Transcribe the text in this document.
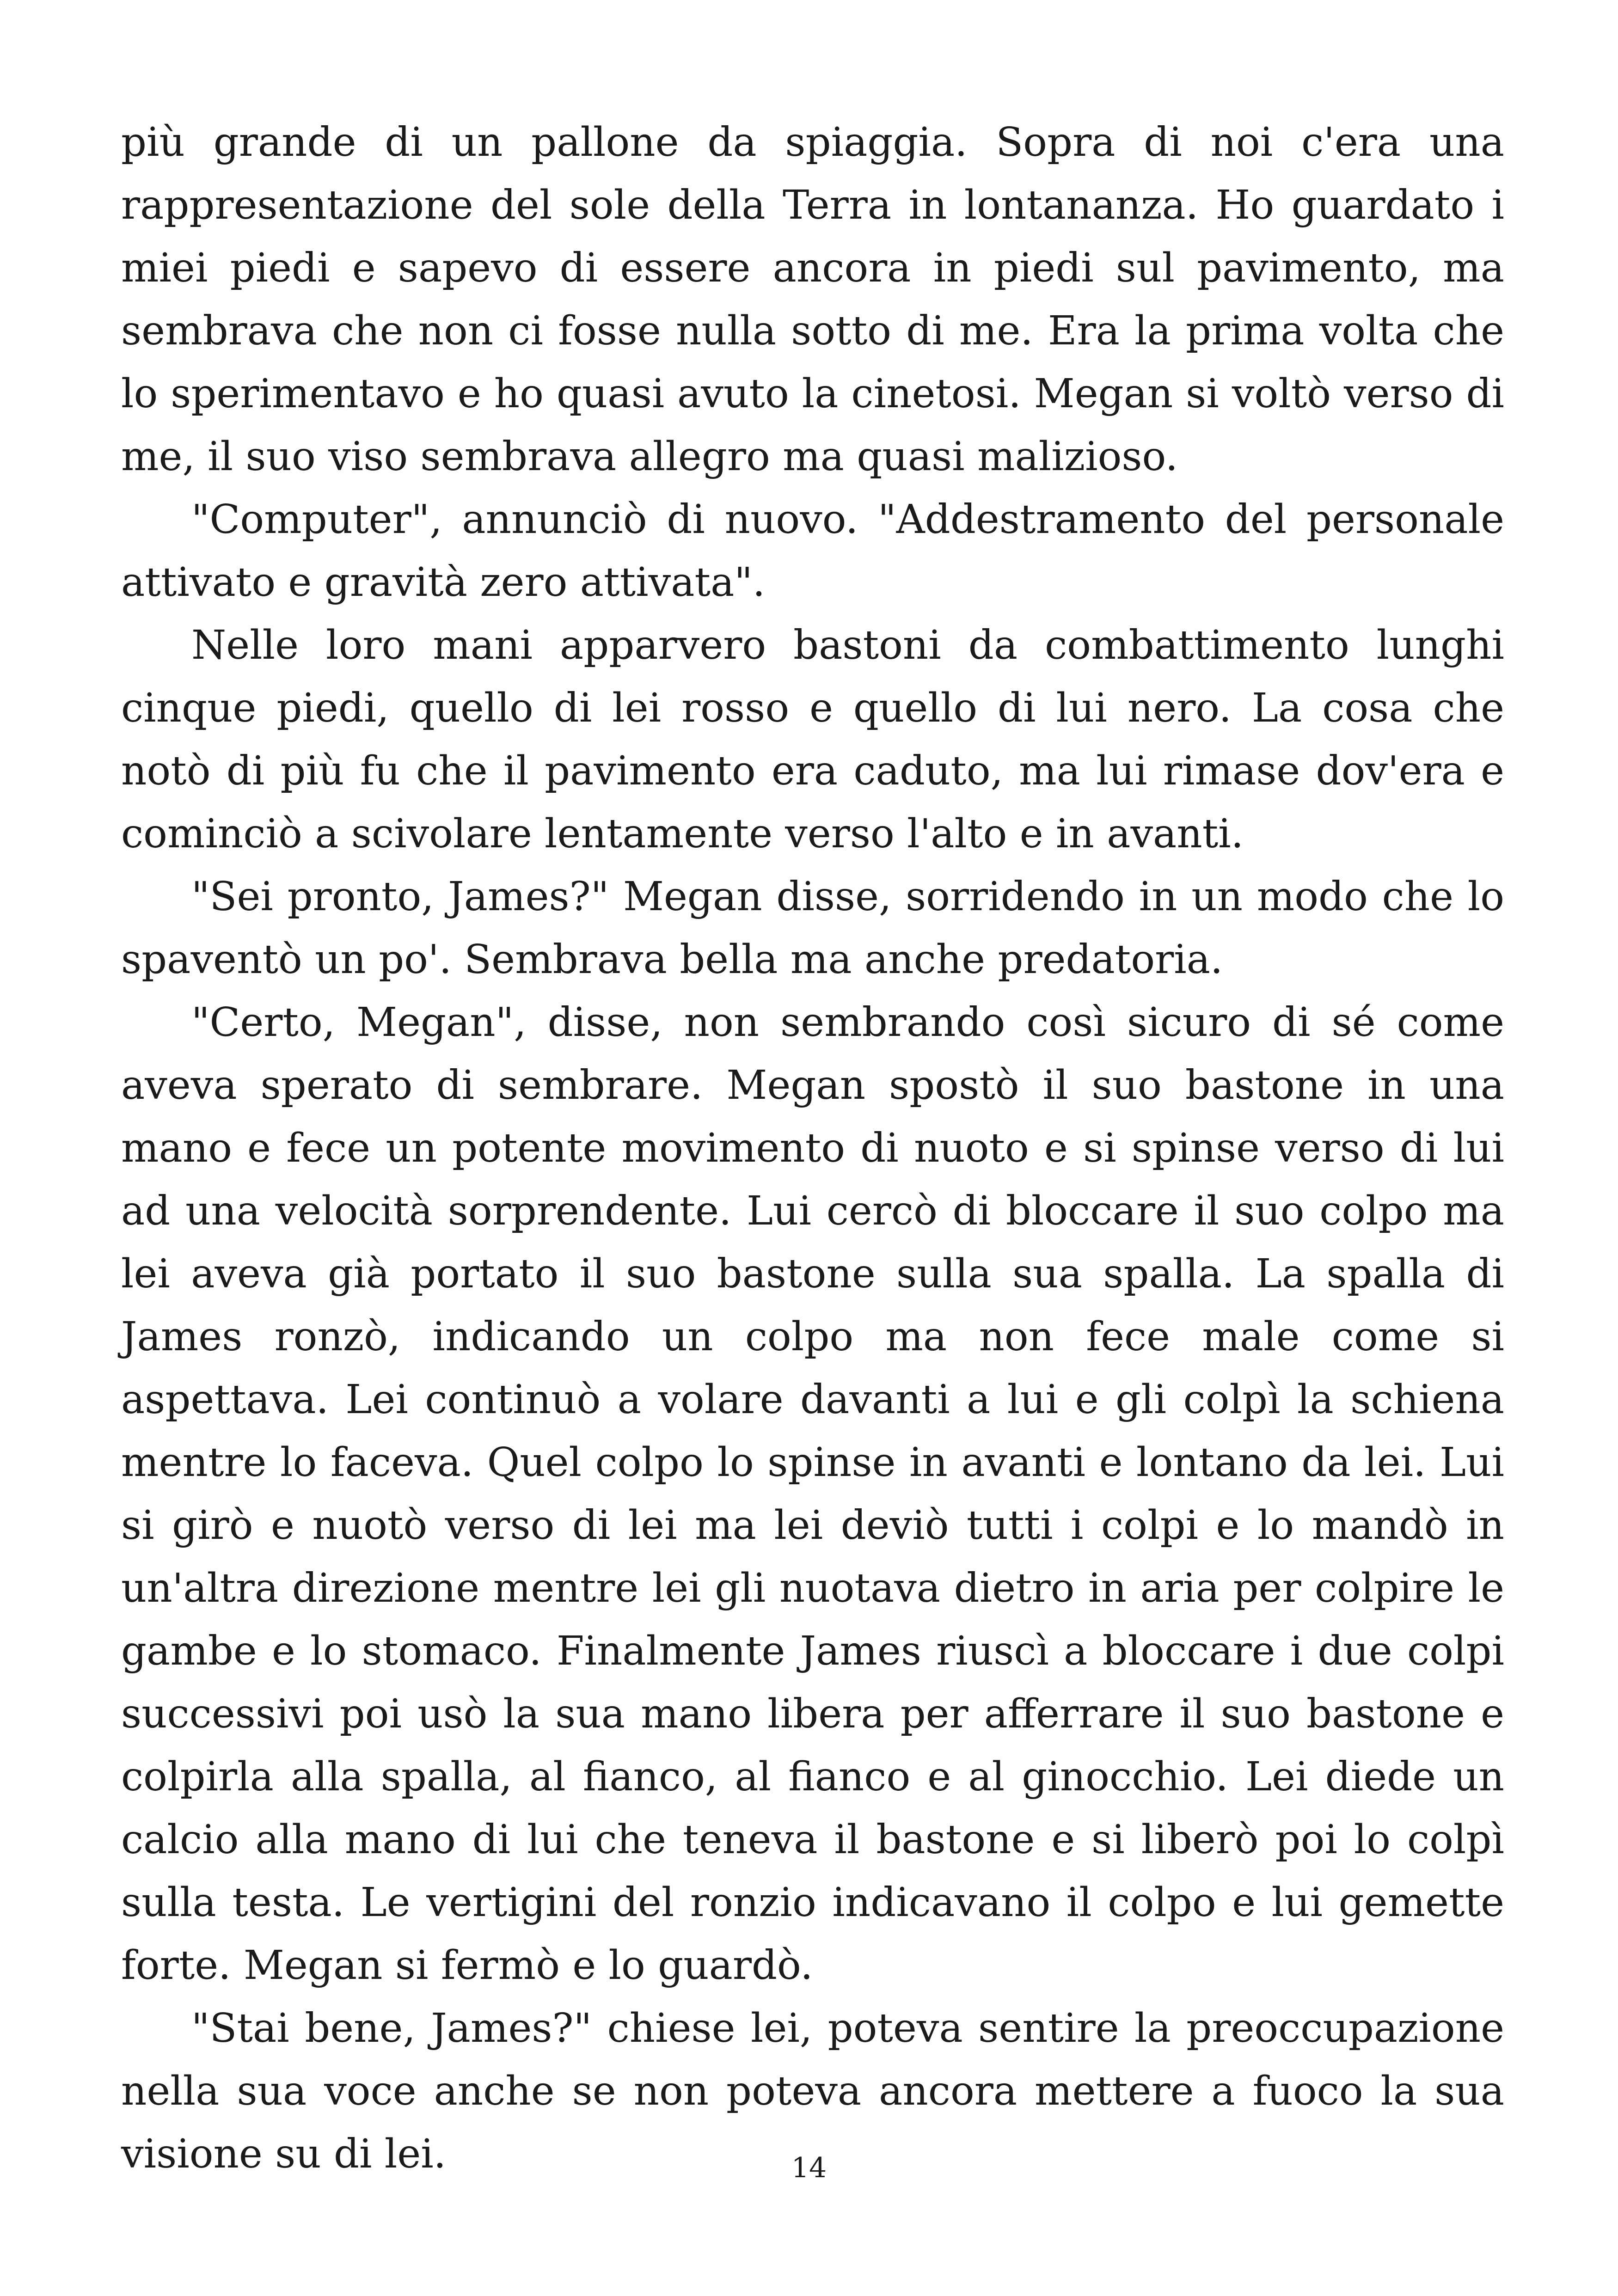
più grande di un pallone da spiaggia. Sopra di noi c'era una rappresentazione del sole della Terra in lontananza. Ho guardato i miei piedi e sapevo di essere ancora in piedi sul pavimento, ma sembrava che non ci fosse nulla sotto di me. Era la prima volta che lo sperimentavo e ho quasi avuto la cinetosi. Megan si voltò verso di me, il suo viso sembrava allegro ma quasi malizioso.

"Computer", annunciò di nuovo. "Addestramento del personale attivato e gravità zero attivata".

Nelle loro mani apparvero bastoni da combattimento lunghi cinque piedi, quello di lei rosso e quello di lui nero. La cosa che notò di più fu che il pavimento era caduto, ma lui rimase dov'era e cominciò a scivolare lentamente verso l'alto e in avanti.

"Sei pronto, James?" Megan disse, sorridendo in un modo che lo spaventò un po'. Sembrava bella ma anche predatoria.

"Certo, Megan", disse, non sembrando così sicuro di sé come aveva sperato di sembrare. Megan spostò il suo bastone in una mano e fece un potente movimento di nuoto e si spinse verso di lui ad una velocità sorprendente. Lui cercò di bloccare il suo colpo ma lei aveva già portato il suo bastone sulla sua spalla. La spalla di James ronzò, indicando un colpo ma non fece male come si aspettava. Lei continuò a volare davanti a lui e gli colpì la schiena mentre lo faceva. Quel colpo lo spinse in avanti e lontano da lei. Lui si girò e nuotò verso di lei ma lei deviò tutti i colpi e lo mandò in un'altra direzione mentre lei gli nuotava dietro in aria per colpire le gambe e lo stomaco. Finalmente James riuscì a bloccare i due colpi successivi poi usò la sua mano libera per afferrare il suo bastone e colpirla alla spalla, al fianco, al fianco e al ginocchio. Lei diede un calcio alla mano di lui che teneva il bastone e si liberò poi lo colpì sulla testa. Le vertigini del ronzio indicavano il colpo e lui gemette forte. Megan si fermò e lo guardò.

"Stai bene, James?" chiese lei, poteva sentire la preoccupazione nella sua voce anche se non poteva ancora mettere a fuoco la sua visione su di lei.	14
